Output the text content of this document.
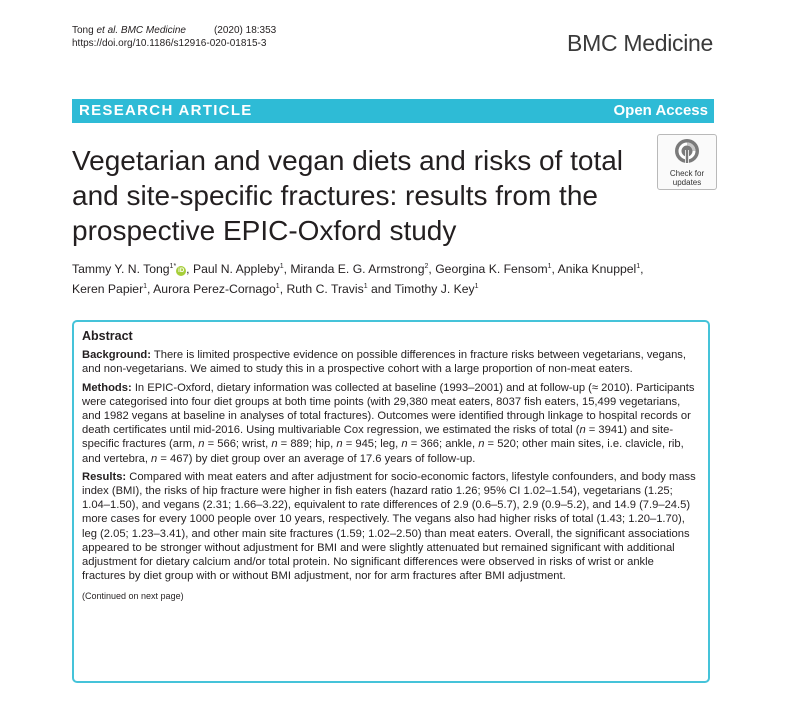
Tong et al. BMC Medicine	(2020) 18:353
https://doi.org/10.1186/s12916-020-01815-3	BMC Medicine
RESEARCH ARTICLE	Open Access
Vegetarian and vegan diets and risks of total and site-specific fractures: results from the prospective EPIC-Oxford study
Check for
updates
Tammy Y. N. Tong$^{1*}$iD , Paul N. Appleby$^1$, Miranda E. G. Armstrong$^2$, Georgina K. Fensom$^1$, Anika Knuppel$^1$,
Keren Papier$^1$, Aurora Perez-Cornago$^1$, Ruth C. Travis$^1$ and Timothy J. Key$^1$
Abstract

Background: There is limited prospective evidence on possible differences in fracture risks between vegetarians, vegans, and non-vegetarians. We aimed to study this in a prospective cohort with a large proportion of non-meat eaters.

Methods: In EPIC-Oxford, dietary information was collected at baseline (1993–2001) and at follow-up (≈ 2010). Participants were categorised into four diet groups at both time points (with 29,380 meat eaters, 8037 fish eaters, 15,499 vegetarians, and 1982 vegans at baseline in analyses of total fractures). Outcomes were identified through linkage to hospital records or death certificates until mid-2016. Using multivariable Cox regression, we estimated the risks of total (n = 3941) and site-specific fractures (arm, n = 566; wrist, n = 889; hip, n = 945; leg, n = 366; ankle, n = 520; other main sites, i.e. clavicle, rib, and vertebra, n = 467) by diet group over an average of 17.6 years of follow-up.

Results: Compared with meat eaters and after adjustment for socio-economic factors, lifestyle confounders, and body mass index (BMI), the risks of hip fracture were higher in fish eaters (hazard ratio 1.26; 95% CI 1.02–1.54), vegetarians (1.25; 1.04–1.50), and vegans (2.31; 1.66–3.22), equivalent to rate differences of 2.9 (0.6–5.7), 2.9 (0.9–5.2), and 14.9 (7.9–24.5) more cases for every 1000 people over 10 years, respectively. The vegans also had higher risks of total (1.43; 1.20–1.70), leg (2.05; 1.23–3.41), and other main site fractures (1.59; 1.02–2.50) than meat eaters. Overall, the significant associations appeared to be stronger without adjustment for BMI and were slightly attenuated but remained significant with additional adjustment for dietary calcium and/or total protein. No significant differences were observed in risks of wrist or ankle fractures by diet group with or without BMI adjustment, nor for arm fractures after BMI adjustment.

(Continued on next page)
